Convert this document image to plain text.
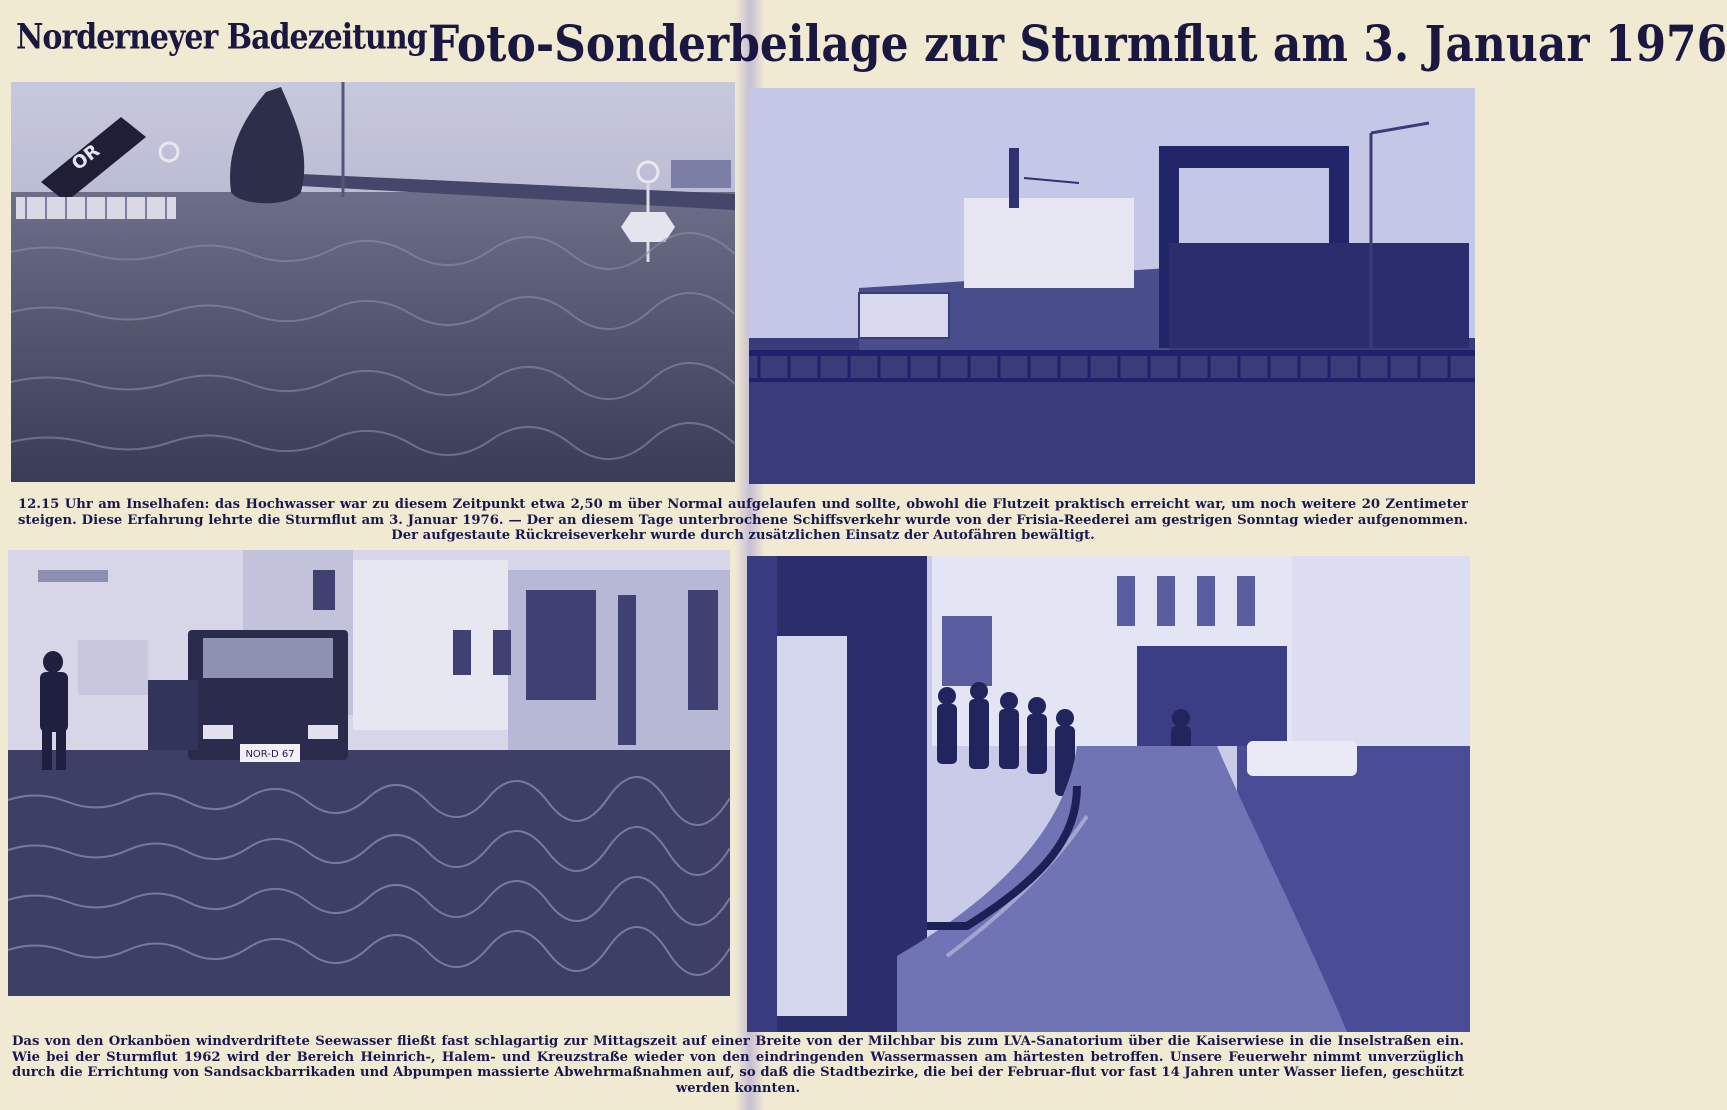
Norderneyer Badezeitung Foto-Sonderbeilage zur Sturmflut am 3. Januar 1976
OR
12.15 Uhr am Inselhafen: das Hochwasser war zu diesem Zeitpunkt etwa 2,50 m über Normal aufgelaufen und sollte, obwohl die Flutzeit praktisch erreicht war, um noch weitere 20 Zentimeter steigen. Diese Erfahrung lehrte die Sturmflut am 3. Januar 1976. — Der an diesem Tage unterbrochene Schiffsverkehr wurde von der Frisia-Reederei am gestrigen Sonntag wieder aufgenommen. Der aufgestaute Rückreiseverkehr wurde durch zusätzlichen Einsatz der Autofähren bewältigt.
NOR-D 67
Das von den Orkanböen windverdriftete Seewasser fließt fast schlagartig zur Mittagszeit auf einer Breite von der Milchbar bis zum LVA-Sanatorium über die Kaiserwiese in die Inselstraßen ein. Wie bei der Sturmflut 1962 wird der Bereich Heinrich-, Halem- und Kreuzstraße wieder von den eindringenden Wassermassen am härtesten betroffen. Unsere Feuerwehr nimmt unverzüglich durch die Errichtung von Sandsackbarrikaden und Abpumpen massierte Abwehrmaßnahmen auf, so daß die Stadtbezirke, die bei der Februar-flut vor fast 14 Jahren unter Wasser liefen, geschützt werden konnten.
